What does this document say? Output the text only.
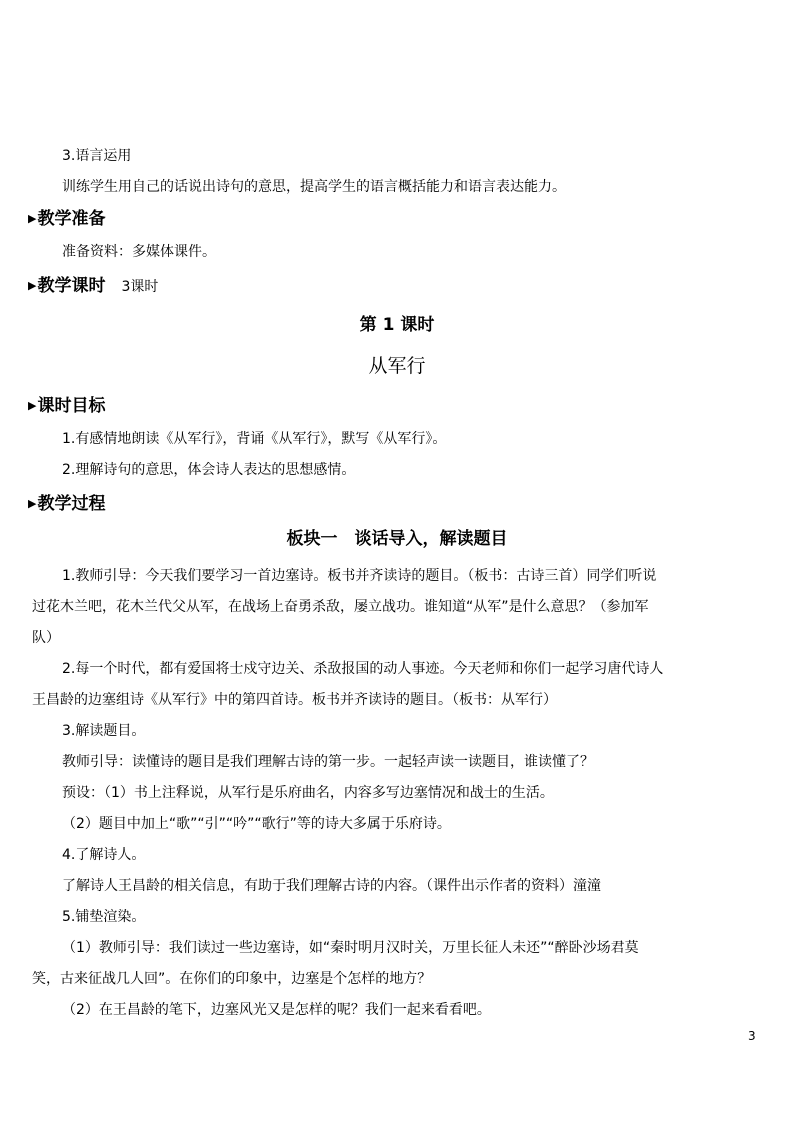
3.语言运用
训练学生用自己的话说出诗句的意思，提高学生的语言概括能力和语言表达能力。
▶教学准备
准备资料：多媒体课件。
▶教学课时 3课时
第 1 课时
从军行
▶课时目标
1.有感情地朗读《从军行》，背诵《从军行》，默写《从军行》。
2.理解诗句的意思，体会诗人表达的思想感情。
▶教学过程
板块一　谈话导入，解读题目
1.教师引导：今天我们要学习一首边塞诗。板书并齐读诗的题目。（板书：古诗三首）同学们听说
过花木兰吧，花木兰代父从军，在战场上奋勇杀敌，屡立战功。谁知道“从军”是什么意思？（参加军
队）
2.每一个时代，都有爱国将士戍守边关、杀敌报国的动人事迹。今天老师和你们一起学习唐代诗人
王昌龄的边塞组诗《从军行》中的第四首诗。板书并齐读诗的题目。（板书：从军行）
3.解读题目。
教师引导：读懂诗的题目是我们理解古诗的第一步。一起轻声读一读题目，谁读懂了？
预设：（1）书上注释说，从军行是乐府曲名，内容多写边塞情况和战士的生活。
（2）题目中加上“歌”“引”“吟”“歌行”等的诗大多属于乐府诗。
4.了解诗人。
了解诗人王昌龄的相关信息，有助于我们理解古诗的内容。（课件出示作者的资料）潼潼
5.铺垫渲染。
（1）教师引导：我们读过一些边塞诗，如“秦时明月汉时关，万里长征人未还”“醉卧沙场君莫
笑，古来征战几人回”。在你们的印象中，边塞是个怎样的地方？
（2）在王昌龄的笔下，边塞风光又是怎样的呢？我们一起来看看吧。
3
